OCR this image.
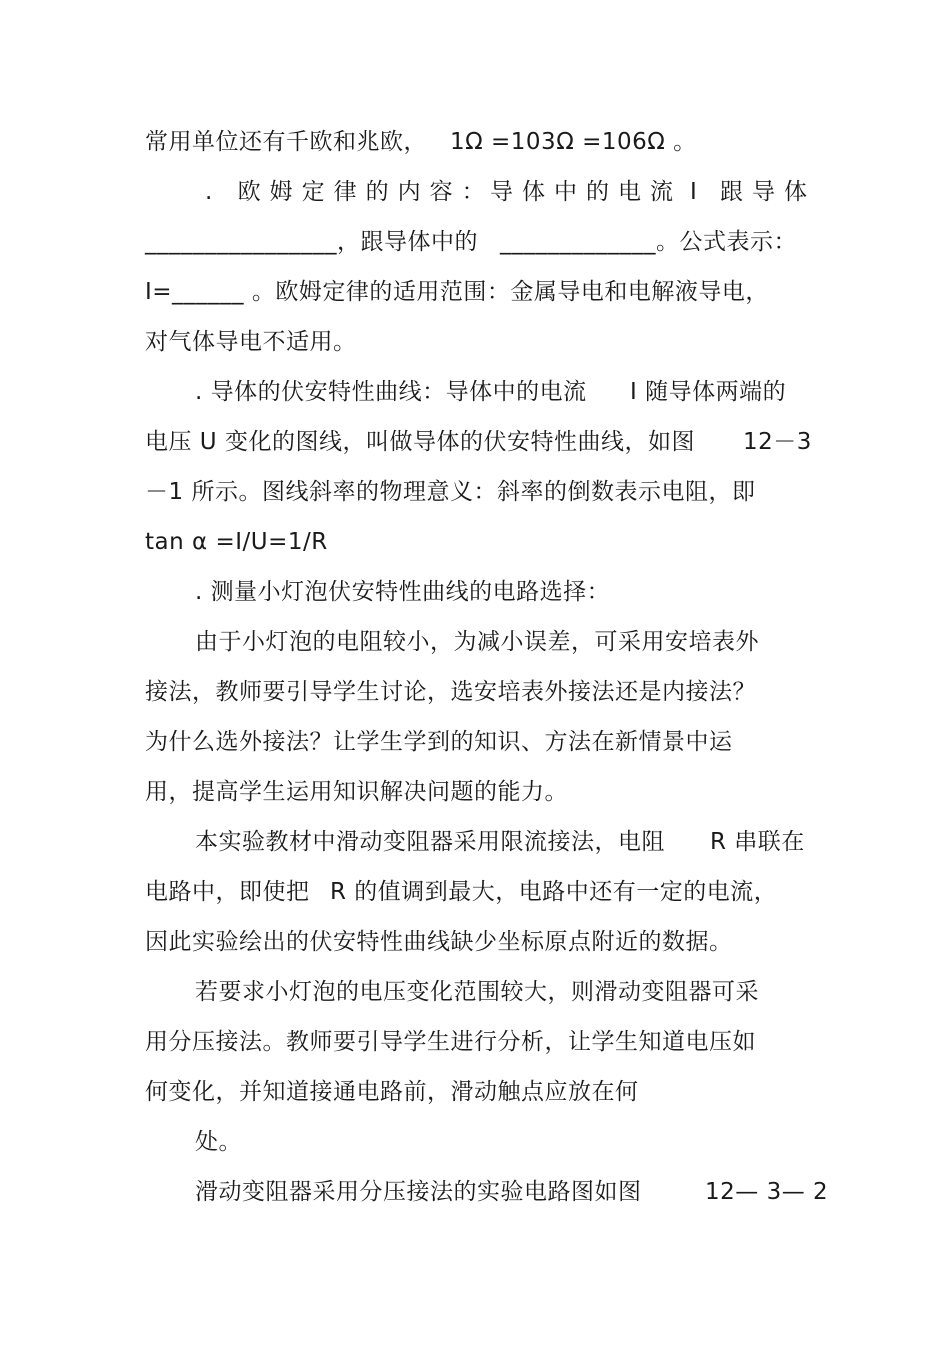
常用单位还有千欧和兆欧， 1Ω =103Ω =106Ω 。
. 欧姆定律的内容：
导体中的电流 I 跟导体
________________，跟导体中的 _____________。公式表示：
I=______ 。欧姆定律的适用范围：金属导电和电解液导电，
对气体导电不适用。
. 导体的伏安特性曲线：导体中的电流 I 随导体两端的
电压 U 变化的图线，叫做导体的伏安特性曲线，如图 12－3
－1 所示。图线斜率的物理意义：斜率的倒数表示电阻，即
tan α =I/U=1/R
. 测量小灯泡伏安特性曲线的电路选择：
由于小灯泡的电阻较小，为减小误差，可采用安培表外
接法，教师要引导学生讨论，选安培表外接法还是内接法？
为什么选外接法？让学生学到的知识、方法在新情景中运
用，提高学生运用知识解决问题的能力。
本实验教材中滑动变阻器采用限流接法，电阻 R 串联在
电路中，即使把 R 的值调到最大，电路中还有一定的电流，
因此实验绘出的伏安特性曲线缺少坐标原点附近的数据。
若要求小灯泡的电压变化范围较大，则滑动变阻器可采
用分压接法。教师要引导学生进行分析，让学生知道电压如
何变化，并知道接通电路前，滑动触点应放在何
处。
滑动变阻器采用分压接法的实验电路图如图	12— 3— 2
